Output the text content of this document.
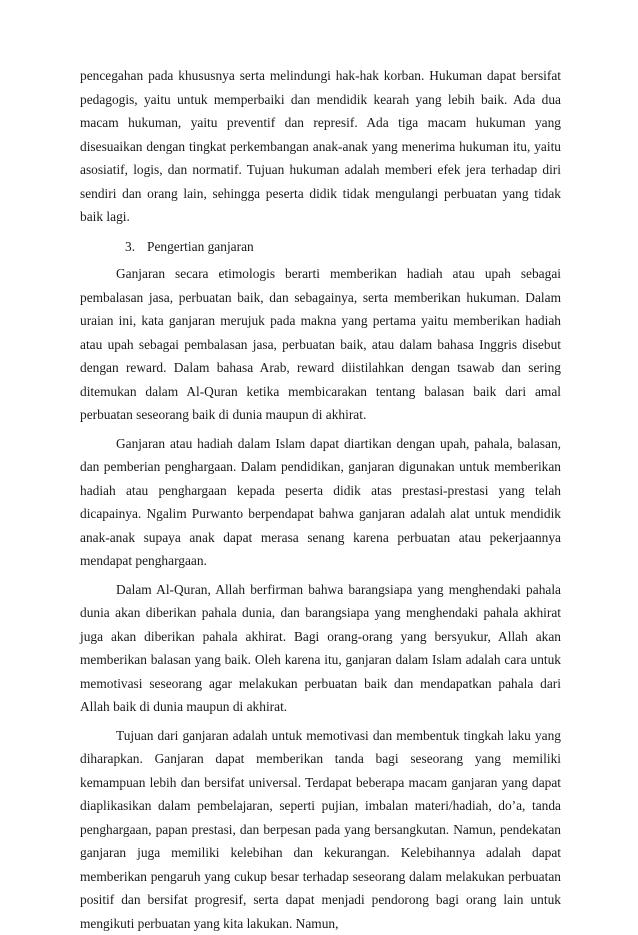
pencegahan pada khususnya serta melindungi hak-hak korban. Hukuman dapat bersifat pedagogis, yaitu untuk memperbaiki dan mendidik kearah yang lebih baik. Ada dua macam hukuman, yaitu preventif dan represif. Ada tiga macam hukuman yang disesuaikan dengan tingkat perkembangan anak-anak yang menerima hukuman itu, yaitu asosiatif, logis, dan normatif. Tujuan hukuman adalah memberi efek jera terhadap diri sendiri dan orang lain, sehingga peserta didik tidak mengulangi perbuatan yang tidak baik lagi.

3. Pengertian ganjaran

Ganjaran secara etimologis berarti memberikan hadiah atau upah sebagai pembalasan jasa, perbuatan baik, dan sebagainya, serta memberikan hukuman. Dalam uraian ini, kata ganjaran merujuk pada makna yang pertama yaitu memberikan hadiah atau upah sebagai pembalasan jasa, perbuatan baik, atau dalam bahasa Inggris disebut dengan reward. Dalam bahasa Arab, reward diistilahkan dengan tsawab dan sering ditemukan dalam Al-Quran ketika membicarakan tentang balasan baik dari amal perbuatan seseorang baik di dunia maupun di akhirat.

Ganjaran atau hadiah dalam Islam dapat diartikan dengan upah, pahala, balasan, dan pemberian penghargaan. Dalam pendidikan, ganjaran digunakan untuk memberikan hadiah atau penghargaan kepada peserta didik atas prestasi-prestasi yang telah dicapainya. Ngalim Purwanto berpendapat bahwa ganjaran adalah alat untuk mendidik anak-anak supaya anak dapat merasa senang karena perbuatan atau pekerjaannya mendapat penghargaan.

Dalam Al-Quran, Allah berfirman bahwa barangsiapa yang menghendaki pahala dunia akan diberikan pahala dunia, dan barangsiapa yang menghendaki pahala akhirat juga akan diberikan pahala akhirat. Bagi orang-orang yang bersyukur, Allah akan memberikan balasan yang baik. Oleh karena itu, ganjaran dalam Islam adalah cara untuk memotivasi seseorang agar melakukan perbuatan baik dan mendapatkan pahala dari Allah baik di dunia maupun di akhirat.

Tujuan dari ganjaran adalah untuk memotivasi dan membentuk tingkah laku yang diharapkan. Ganjaran dapat memberikan tanda bagi seseorang yang memiliki kemampuan lebih dan bersifat universal. Terdapat beberapa macam ganjaran yang dapat diaplikasikan dalam pembelajaran, seperti pujian, imbalan materi/hadiah, do’a, tanda penghargaan, papan prestasi, dan berpesan pada yang bersangkutan. Namun, pendekatan ganjaran juga memiliki kelebihan dan kekurangan. Kelebihannya adalah dapat memberikan pengaruh yang cukup besar terhadap seseorang dalam melakukan perbuatan positif dan bersifat progresif, serta dapat menjadi pendorong bagi orang lain untuk mengikuti perbuatan yang kita lakukan. Namun,
